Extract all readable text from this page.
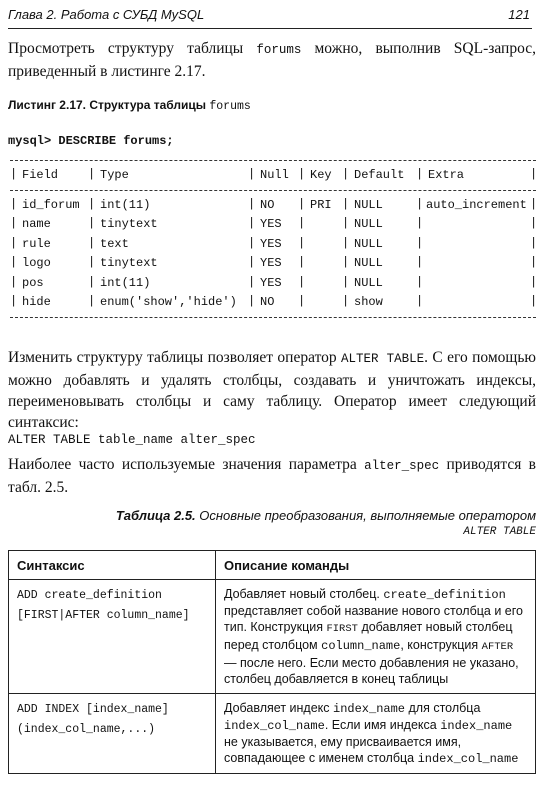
Глава 2. Работа с СУБД MySQL	121
Просмотреть структуру таблицы forums можно, выполнив SQL-запрос, приведенный в листинге 2.17.
Листинг 2.17. Структура таблицы forums
mysql> DESCRIBE forums;
| Field | Type	| Null | Key | Default | Extra	|
| id_forum | int(11)	| NO | PRI | NULL	| auto_increment |
| name	| tinytext	| YES |	| NULL	|	|
| rule	| text	| YES |	| NULL	|	|
| logo	| tinytext	| YES |	| NULL	|	|
| pos	| int(11)	| YES |	| NULL	|	|
| hide	| enum('show','hide') | NO |	| show	|	|
Изменить структуру таблицы позволяет оператор ALTER TABLE. С его помощью можно добавлять и удалять столбцы, создавать и уничтожать индексы, переименовывать столбцы и саму таблицу. Оператор имеет следующий синтаксис:
ALTER TABLE table_name alter_spec
Наиболее часто используемые значения параметра alter_spec приводятся в табл. 2.5.
Таблица 2.5. Основные преобразования, выполняемые оператором
ALTER TABLE
Синтаксис	Описание команды

ADD create_definition
[FIRST|AFTER column_name]	Добавляет новый столбец. create_definition представляет собой название нового столбца и его тип. Конструкция FIRST добавляет новый столбец перед столбцом column_name, конструкция AFTER — после него. Если место добавления не указано, столбец добавляется в конец таблицы

ADD INDEX [index_name]
(index_col_name,...)	Добавляет индекс index_name для столбца index_col_name. Если имя индекса index_name не указывается, ему присваивается имя, совпадающее с именем столбца index_col_name
